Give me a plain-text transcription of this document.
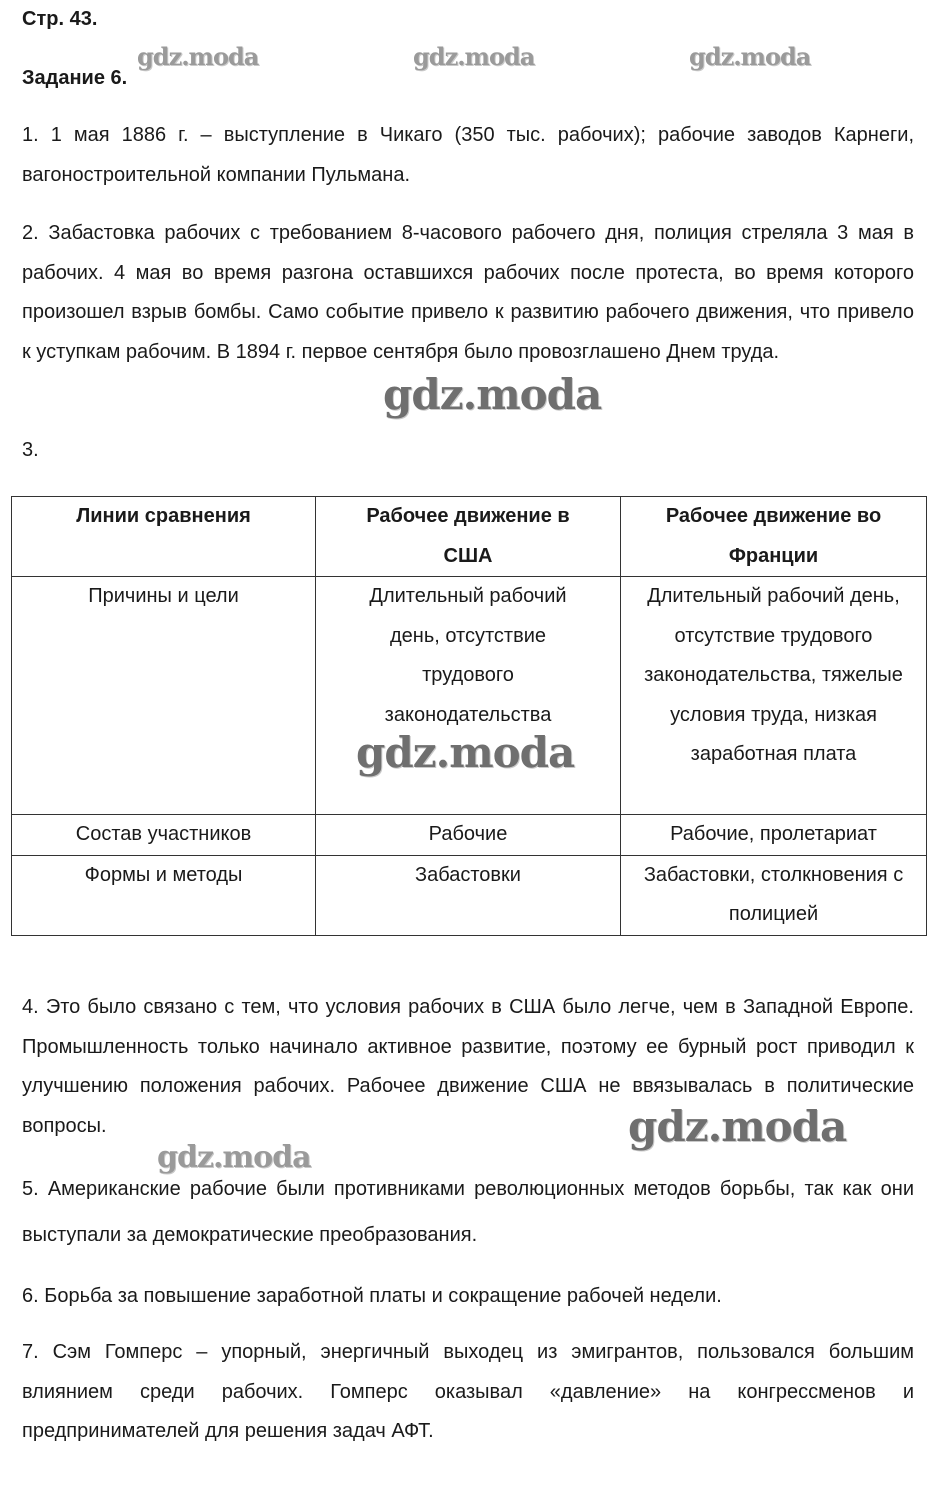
Стр. 43.
Задание 6.

1. 1 мая 1886 г. – выступление в Чикаго (350 тыс. рабочих); рабочие заводов Карнеги, вагоностроительной компании Пульмана.

2. Забастовка рабочих с требованием 8-часового рабочего дня, полиция стреляла 3 мая в рабочих. 4 мая во время разгона оставшихся рабочих после протеста, во время которого произошел взрыв бомбы. Само событие привело к развитию рабочего движения, что привело к уступкам рабочим. В 1894 г. первое сентября было провозглашено Днем труда.

3.

Линии сравнения	Рабочее движение в США	Рабочее движение во Франции
Причины и цели	Длительный рабочий день, отсутствие трудового законодательства	Длительный рабочий день, отсутствие трудового законодательства, тяжелые условия труда, низкая заработная плата
Состав участников	Рабочие	Рабочие, пролетариат
Формы и методы	Забастовки	Забастовки, столкновения с полицией

4. Это было связано с тем, что условия рабочих в США было легче, чем в Западной Европе. Промышленность только начинало активное развитие, поэтому ее бурный рост приводил к улучшению положения рабочих. Рабочее движение США не ввязывалась в политические вопросы.

5. Американские рабочие были противниками революционных методов борьбы, так как они выступали за демократические преобразования.

6. Борьба за повышение заработной платы и сокращение рабочей недели.

7. Сэм Гомперс – упорный, энергичный выходец из эмигрантов, пользовался большим влиянием среди рабочих. Гомперс оказывал «давление» на конгрессменов и предпринимателей для решения задач АФТ.

gdz.moda	gdz.moda	gdz.moda
gdz.moda
gdz.moda
gdz.moda
gdz.moda
